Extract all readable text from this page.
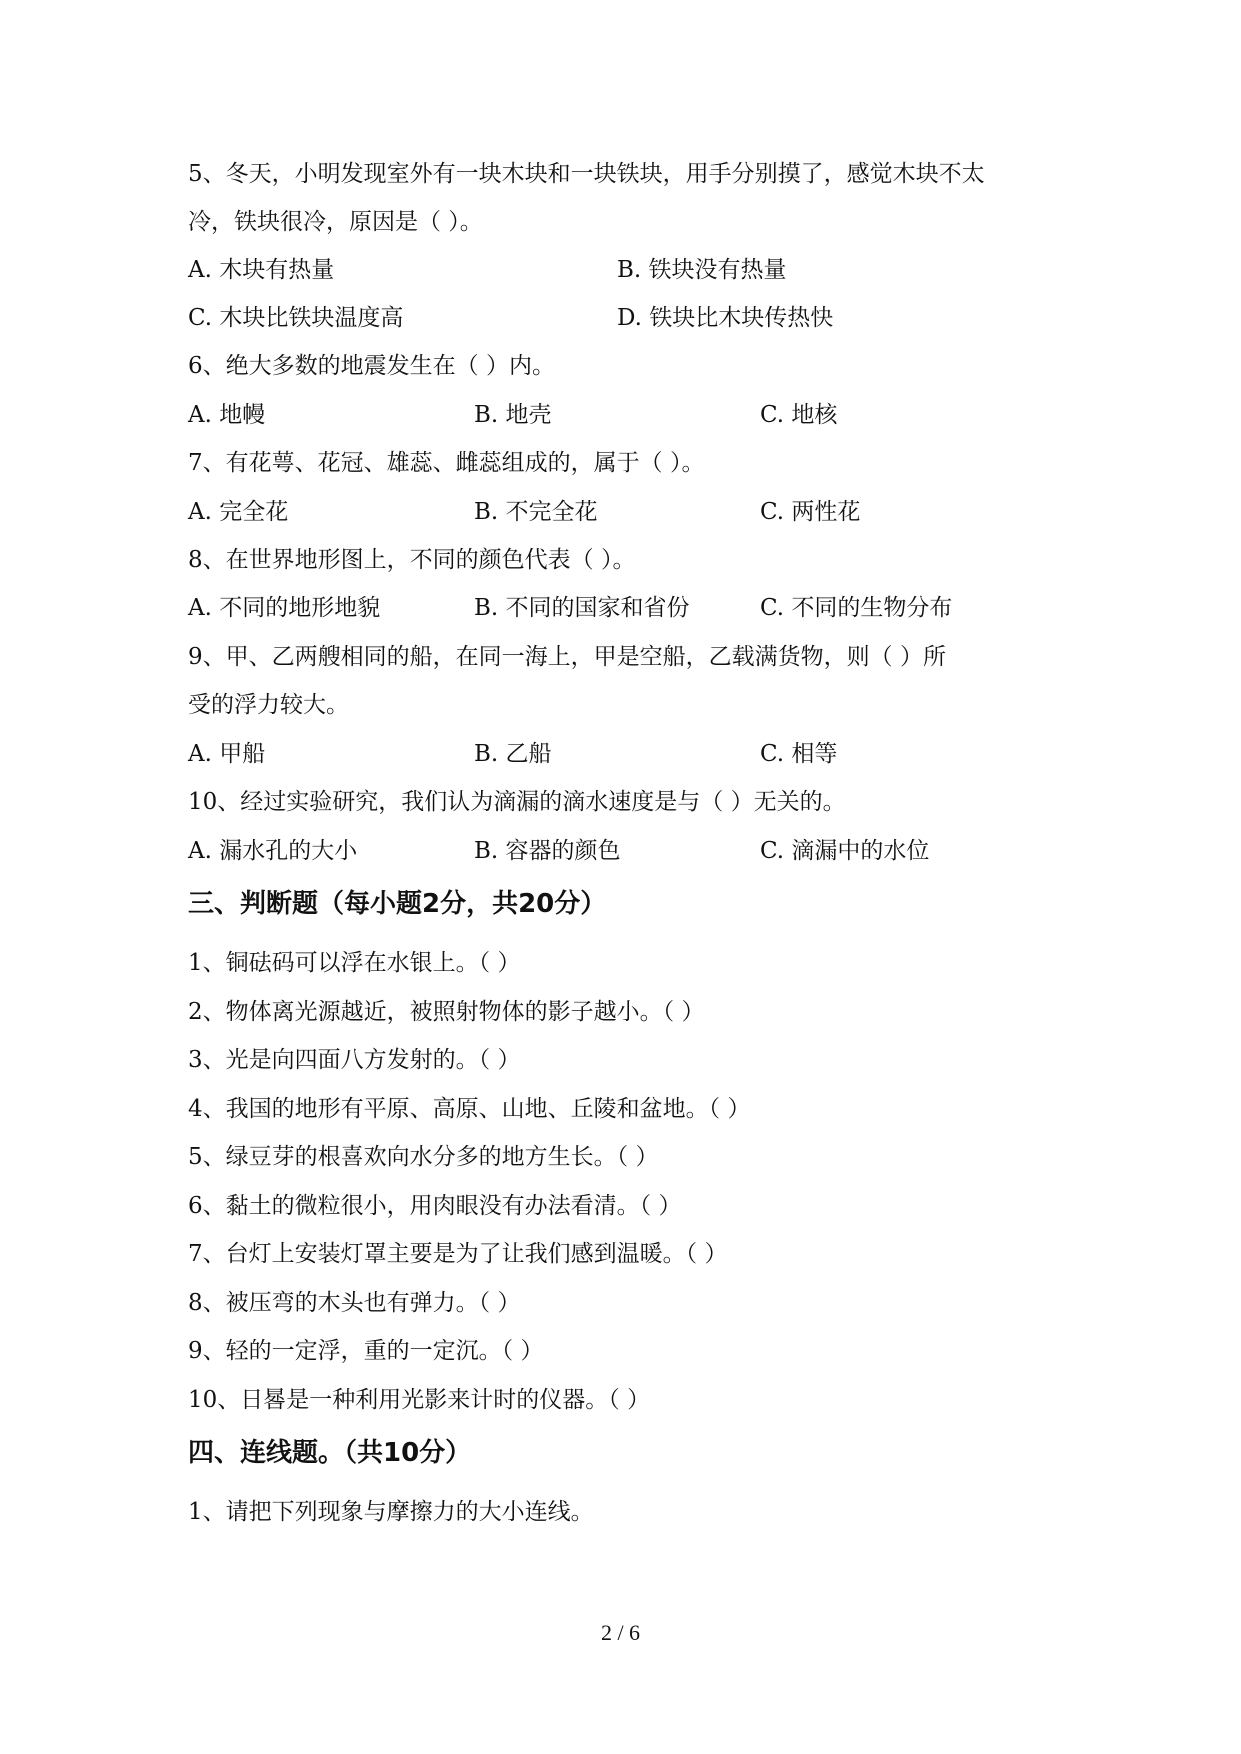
5、冬天，小明发现室外有一块木块和一块铁块，用手分别摸了，感觉木块不太
冷，铁块很冷，原因是（ ）。
A. 木块有热量	B. 铁块没有热量
C. 木块比铁块温度高	D. 铁块比木块传热快
6、绝大多数的地震发生在（ ）内。
A. 地幔	B. 地壳	C. 地核
7、有花萼、花冠、雄蕊、雌蕊组成的，属于（ ）。
A. 完全花	B. 不完全花	C. 两性花
8、在世界地形图上，不同的颜色代表（ ）。
A. 不同的地形地貌	B. 不同的国家和省份	C. 不同的生物分布
9、甲、乙两艘相同的船，在同一海上，甲是空船，乙载满货物，则（ ）所
受的浮力较大。
A. 甲船	B. 乙船	C. 相等
10、经过实验研究，我们认为滴漏的滴水速度是与（ ）无关的。
A. 漏水孔的大小	B. 容器的颜色	C. 滴漏中的水位
三、判断题（每小题2分，共20分）
1、铜砝码可以浮在水银上。（ ）
2、物体离光源越近，被照射物体的影子越小。（ ）
3、光是向四面八方发射的。（ ）
4、我国的地形有平原、高原、山地、丘陵和盆地。（ ）
5、绿豆芽的根喜欢向水分多的地方生长。（ ）
6、黏土的微粒很小，用肉眼没有办法看清。（ ）
7、台灯上安装灯罩主要是为了让我们感到温暖。（ ）
8、被压弯的木头也有弹力。（ ）
9、轻的一定浮，重的一定沉。（ ）
10、日晷是一种利用光影来计时的仪器。（ ）
四、连线题。（共10分）
1、请把下列现象与摩擦力的大小连线。
2 / 6
